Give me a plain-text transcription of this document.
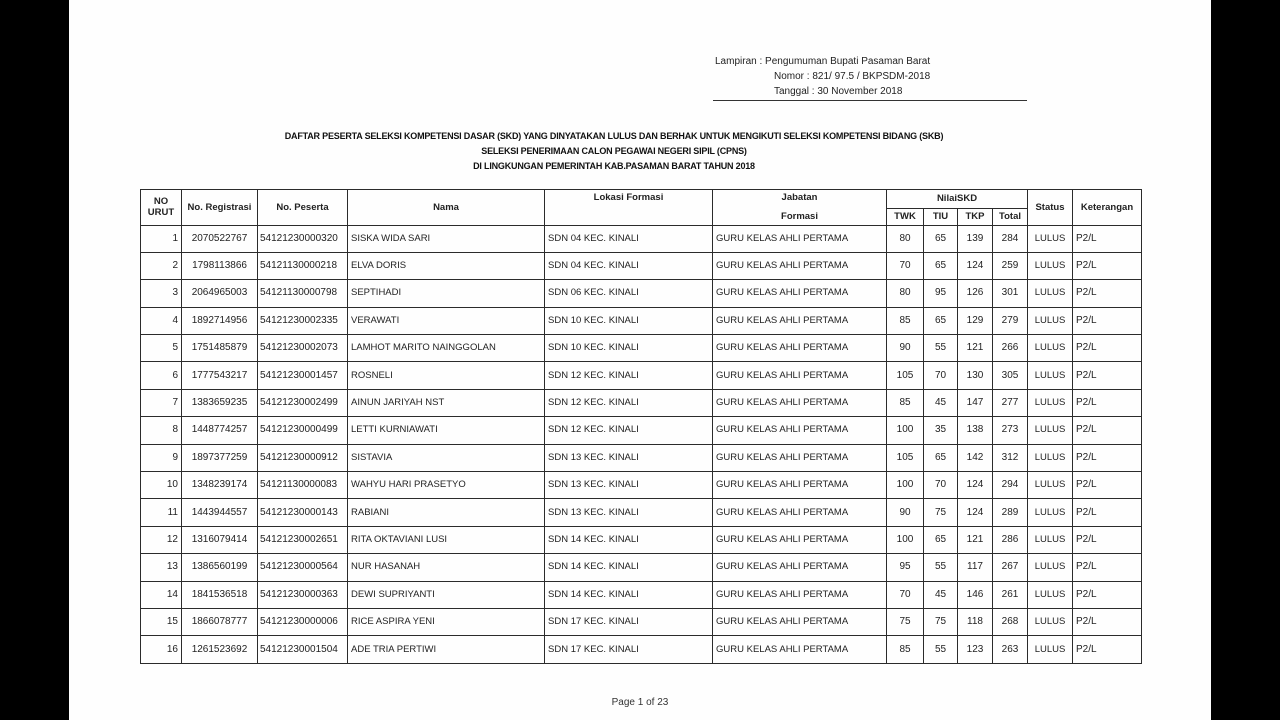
Lampiran : Pengumuman Bupati Pasaman Barat
Nomor : 821/ 97.5 / BKPSDM-2018
Tanggal : 30 November 2018
DAFTAR PESERTA SELEKSI KOMPETENSI DASAR (SKD) YANG DINYATAKAN LULUS DAN BERHAK UNTUK MENGIKUTI SELEKSI KOMPETENSI BIDANG (SKB)
SELEKSI PENERIMAAN CALON PEGAWAI NEGERI SIPIL (CPNS)
DI LINGKUNGAN PEMERINTAH KAB.PASAMAN BARAT TAHUN 2018
NO
URUT	No. Registrasi	No. Peserta	Nama	Lokasi Formasi	Jabatan	NilaiSKD				Status	Keterangan
					Formasi	TWK	TIU	TKP	Total		
1	2070522767	54121230000320	SISKA WIDA SARI	SDN 04 KEC. KINALI	GURU KELAS AHLI PERTAMA	80	65	139	284	LULUS	P2/L
2	1798113866	54121130000218	ELVA DORIS	SDN 04 KEC. KINALI	GURU KELAS AHLI PERTAMA	70	65	124	259	LULUS	P2/L
3	2064965003	54121130000798	SEPTIHADI	SDN 06 KEC. KINALI	GURU KELAS AHLI PERTAMA	80	95	126	301	LULUS	P2/L
4	1892714956	54121230002335	VERAWATI	SDN 10 KEC. KINALI	GURU KELAS AHLI PERTAMA	85	65	129	279	LULUS	P2/L
5	1751485879	54121230002073	LAMHOT MARITO NAINGGOLAN	SDN 10 KEC. KINALI	GURU KELAS AHLI PERTAMA	90	55	121	266	LULUS	P2/L
6	1777543217	54121230001457	ROSNELI	SDN 12 KEC. KINALI	GURU KELAS AHLI PERTAMA	105	70	130	305	LULUS	P2/L
7	1383659235	54121230002499	AINUN JARIYAH NST	SDN 12 KEC. KINALI	GURU KELAS AHLI PERTAMA	85	45	147	277	LULUS	P2/L
8	1448774257	54121230000499	LETTI KURNIAWATI	SDN 12 KEC. KINALI	GURU KELAS AHLI PERTAMA	100	35	138	273	LULUS	P2/L
9	1897377259	54121230000912	SISTAVIA	SDN 13 KEC. KINALI	GURU KELAS AHLI PERTAMA	105	65	142	312	LULUS	P2/L
10	1348239174	54121130000083	WAHYU HARI PRASETYO	SDN 13 KEC. KINALI	GURU KELAS AHLI PERTAMA	100	70	124	294	LULUS	P2/L
11	1443944557	54121230000143	RABIANI	SDN 13 KEC. KINALI	GURU KELAS AHLI PERTAMA	90	75	124	289	LULUS	P2/L
12	1316079414	54121230002651	RITA OKTAVIANI LUSI	SDN 14 KEC. KINALI	GURU KELAS AHLI PERTAMA	100	65	121	286	LULUS	P2/L
13	1386560199	54121230000564	NUR HASANAH	SDN 14 KEC. KINALI	GURU KELAS AHLI PERTAMA	95	55	117	267	LULUS	P2/L
14	1841536518	54121230000363	DEWI SUPRIYANTI	SDN 14 KEC. KINALI	GURU KELAS AHLI PERTAMA	70	45	146	261	LULUS	P2/L
15	1866078777	54121230000006	RICE ASPIRA YENI	SDN 17 KEC. KINALI	GURU KELAS AHLI PERTAMA	75	75	118	268	LULUS	P2/L
16	1261523692	54121230001504	ADE TRIA PERTIWI	SDN 17 KEC. KINALI	GURU KELAS AHLI PERTAMA	85	55	123	263	LULUS	P2/L
Page 1 of 23
